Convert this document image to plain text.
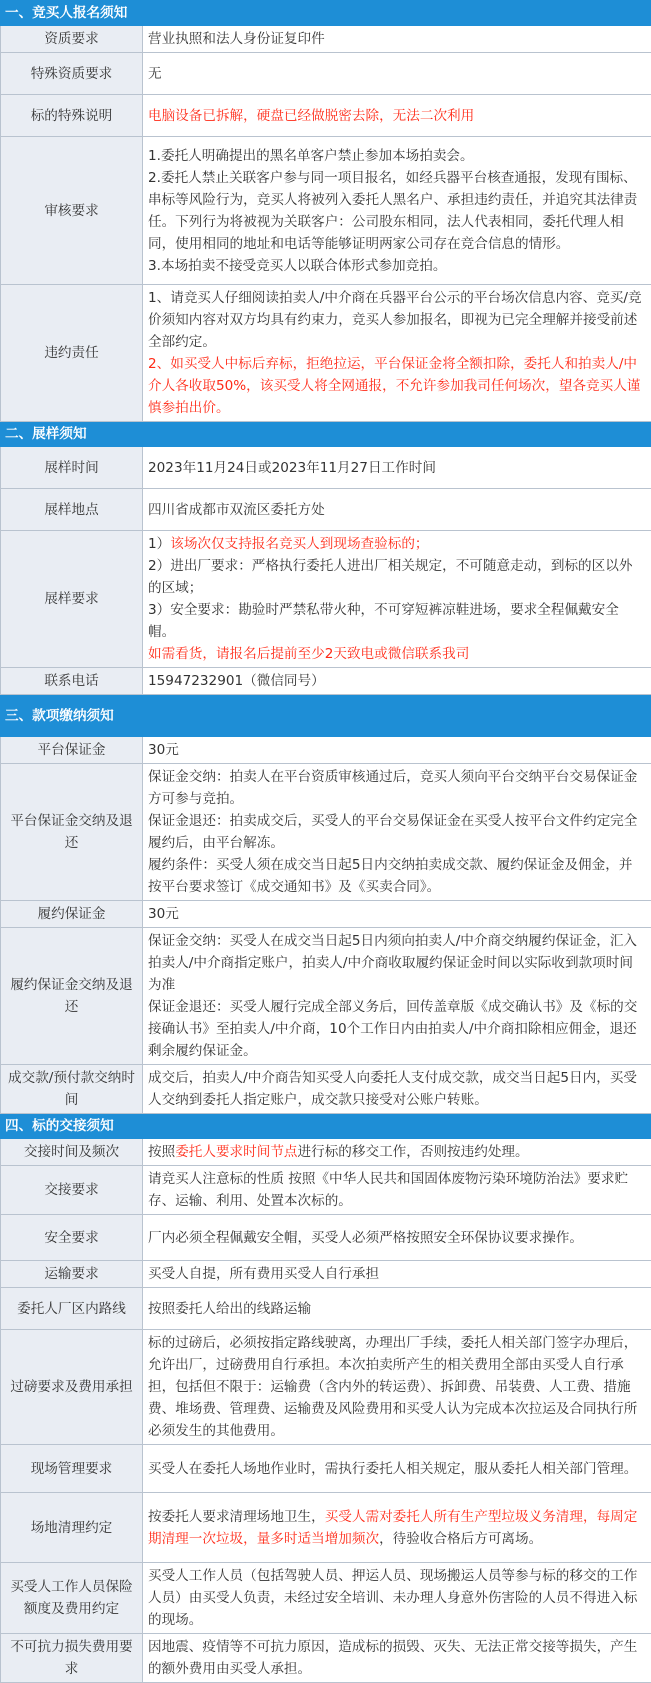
一、竞买人报名须知	
资质要求	营业执照和法人身份证复印件
特殊资质要求	无
标的特殊说明	电脑设备已拆解，硬盘已经做脱密去除，无法二次利用
审核要求	1.委托人明确提出的黑名单客户禁止参加本场拍卖会。
2.委托人禁止关联客户参与同一项目报名，如经兵器平台核查通报，发现有围标、串标等风险行为，竞买人将被列入委托人黑名户、承担违约责任，并追究其法律责任。下列行为将被视为关联客户：公司股东相同，法人代表相同，委托代理人相同，使用相同的地址和电话等能够证明两家公司存在竞合信息的情形。
3.本场拍卖不接受竞买人以联合体形式参加竞拍。

违约责任	1、请竞买人仔细阅读拍卖人/中介商在兵器平台公示的平台场次信息内容、竞买/竞价须知内容对双方均具有约束力，竞买人参加报名，即视为已完全理解并接受前述全部约定。
2、如买受人中标后弃标，拒绝拉运，平台保证金将全额扣除，委托人和拍卖人/中介人各收取50%，该买受人将全网通报，不允许参加我司任何场次，望各竞买人谨慎参拍出价。

二、展样须知	
展样时间	2023年11月24日或2023年11月27日工作时间
展样地点	四川省成都市双流区委托方处
展样要求	1）该场次仅支持报名竞买人到现场查验标的；
2）进出厂要求：严格执行委托人进出厂相关规定，不可随意走动，到标的区以外的区域；
3）安全要求：勘验时严禁私带火种，不可穿短裤凉鞋进场，要求全程佩戴安全帽。
如需看货，请报名后提前至少2天致电或微信联系我司

联系电话	15947232901（微信同号）
三、款项缴纳须知	
平台保证金	30元
平台保证金交纳及退还	保证金交纳：拍卖人在平台资质审核通过后，竞买人须向平台交纳平台交易保证金方可参与竞拍。
保证金退还：拍卖成交后，买受人的平台交易保证金在买受人按平台文件约定完全履约后，由平台解冻。
履约条件：买受人须在成交当日起5日内交纳拍卖成交款、履约保证金及佣金，并按平台要求签订《成交通知书》及《买卖合同》。

履约保证金	30元
履约保证金交纳及退还	保证金交纳：买受人在成交当日起5日内须向拍卖人/中介商交纳履约保证金，汇入拍卖人/中介商指定账户，拍卖人/中介商收取履约保证金时间以实际收到款项时间为准
保证金退还：买受人履行完成全部义务后，回传盖章版《成交确认书》及《标的交接确认书》至拍卖人/中介商，10个工作日内由拍卖人/中介商扣除相应佣金，退还剩余履约保证金。

成交款/预付款交纳时间	成交后，拍卖人/中介商告知买受人向委托人支付成交款，成交当日起5日内，买受人交纳到委托人指定账户，成交款只接受对公账户转账。
四、标的交接须知	
交接时间及频次	按照委托人要求时间节点进行标的移交工作，否则按违约处理。
交接要求	请竞买人注意标的性质 按照《中华人民共和国固体废物污染环境防治法》要求贮存、运输、利用、处置本次标的。
安全要求	厂内必须全程佩戴安全帽，买受人必须严格按照安全环保协议要求操作。
运输要求	买受人自提，所有费用买受人自行承担
委托人厂区内路线	按照委托人给出的线路运输
过磅要求及费用承担	标的过磅后，必须按指定路线驶离，办理出厂手续，委托人相关部门签字办理后，允许出厂，过磅费用自行承担。本次拍卖所产生的相关费用全部由买受人自行承担，包括但不限于：运输费（含内外的转运费）、拆卸费、吊装费、人工费、措施费、堆场费、管理费、运输费及风险费用和买受人认为完成本次拉运及合同执行所必须发生的其他费用。
现场管理要求	买受人在委托人场地作业时，需执行委托人相关规定，服从委托人相关部门管理。
场地清理约定	按委托人要求清理场地卫生，买受人需对委托人所有生产型垃圾义务清理，每周定期清理一次垃圾，量多时适当增加频次，待验收合格后方可离场。
买受人工作人员保险额度及费用约定	买受人工作人员（包括驾驶人员、押运人员、现场搬运人员等参与标的移交的工作人员）由买受人负责，未经过安全培训、未办理人身意外伤害险的人员不得进入标的现场。
不可抗力损失费用要求	因地震、疫情等不可抗力原因，造成标的损毁、灭失、无法正常交接等损失，产生的额外费用由买受人承担。
